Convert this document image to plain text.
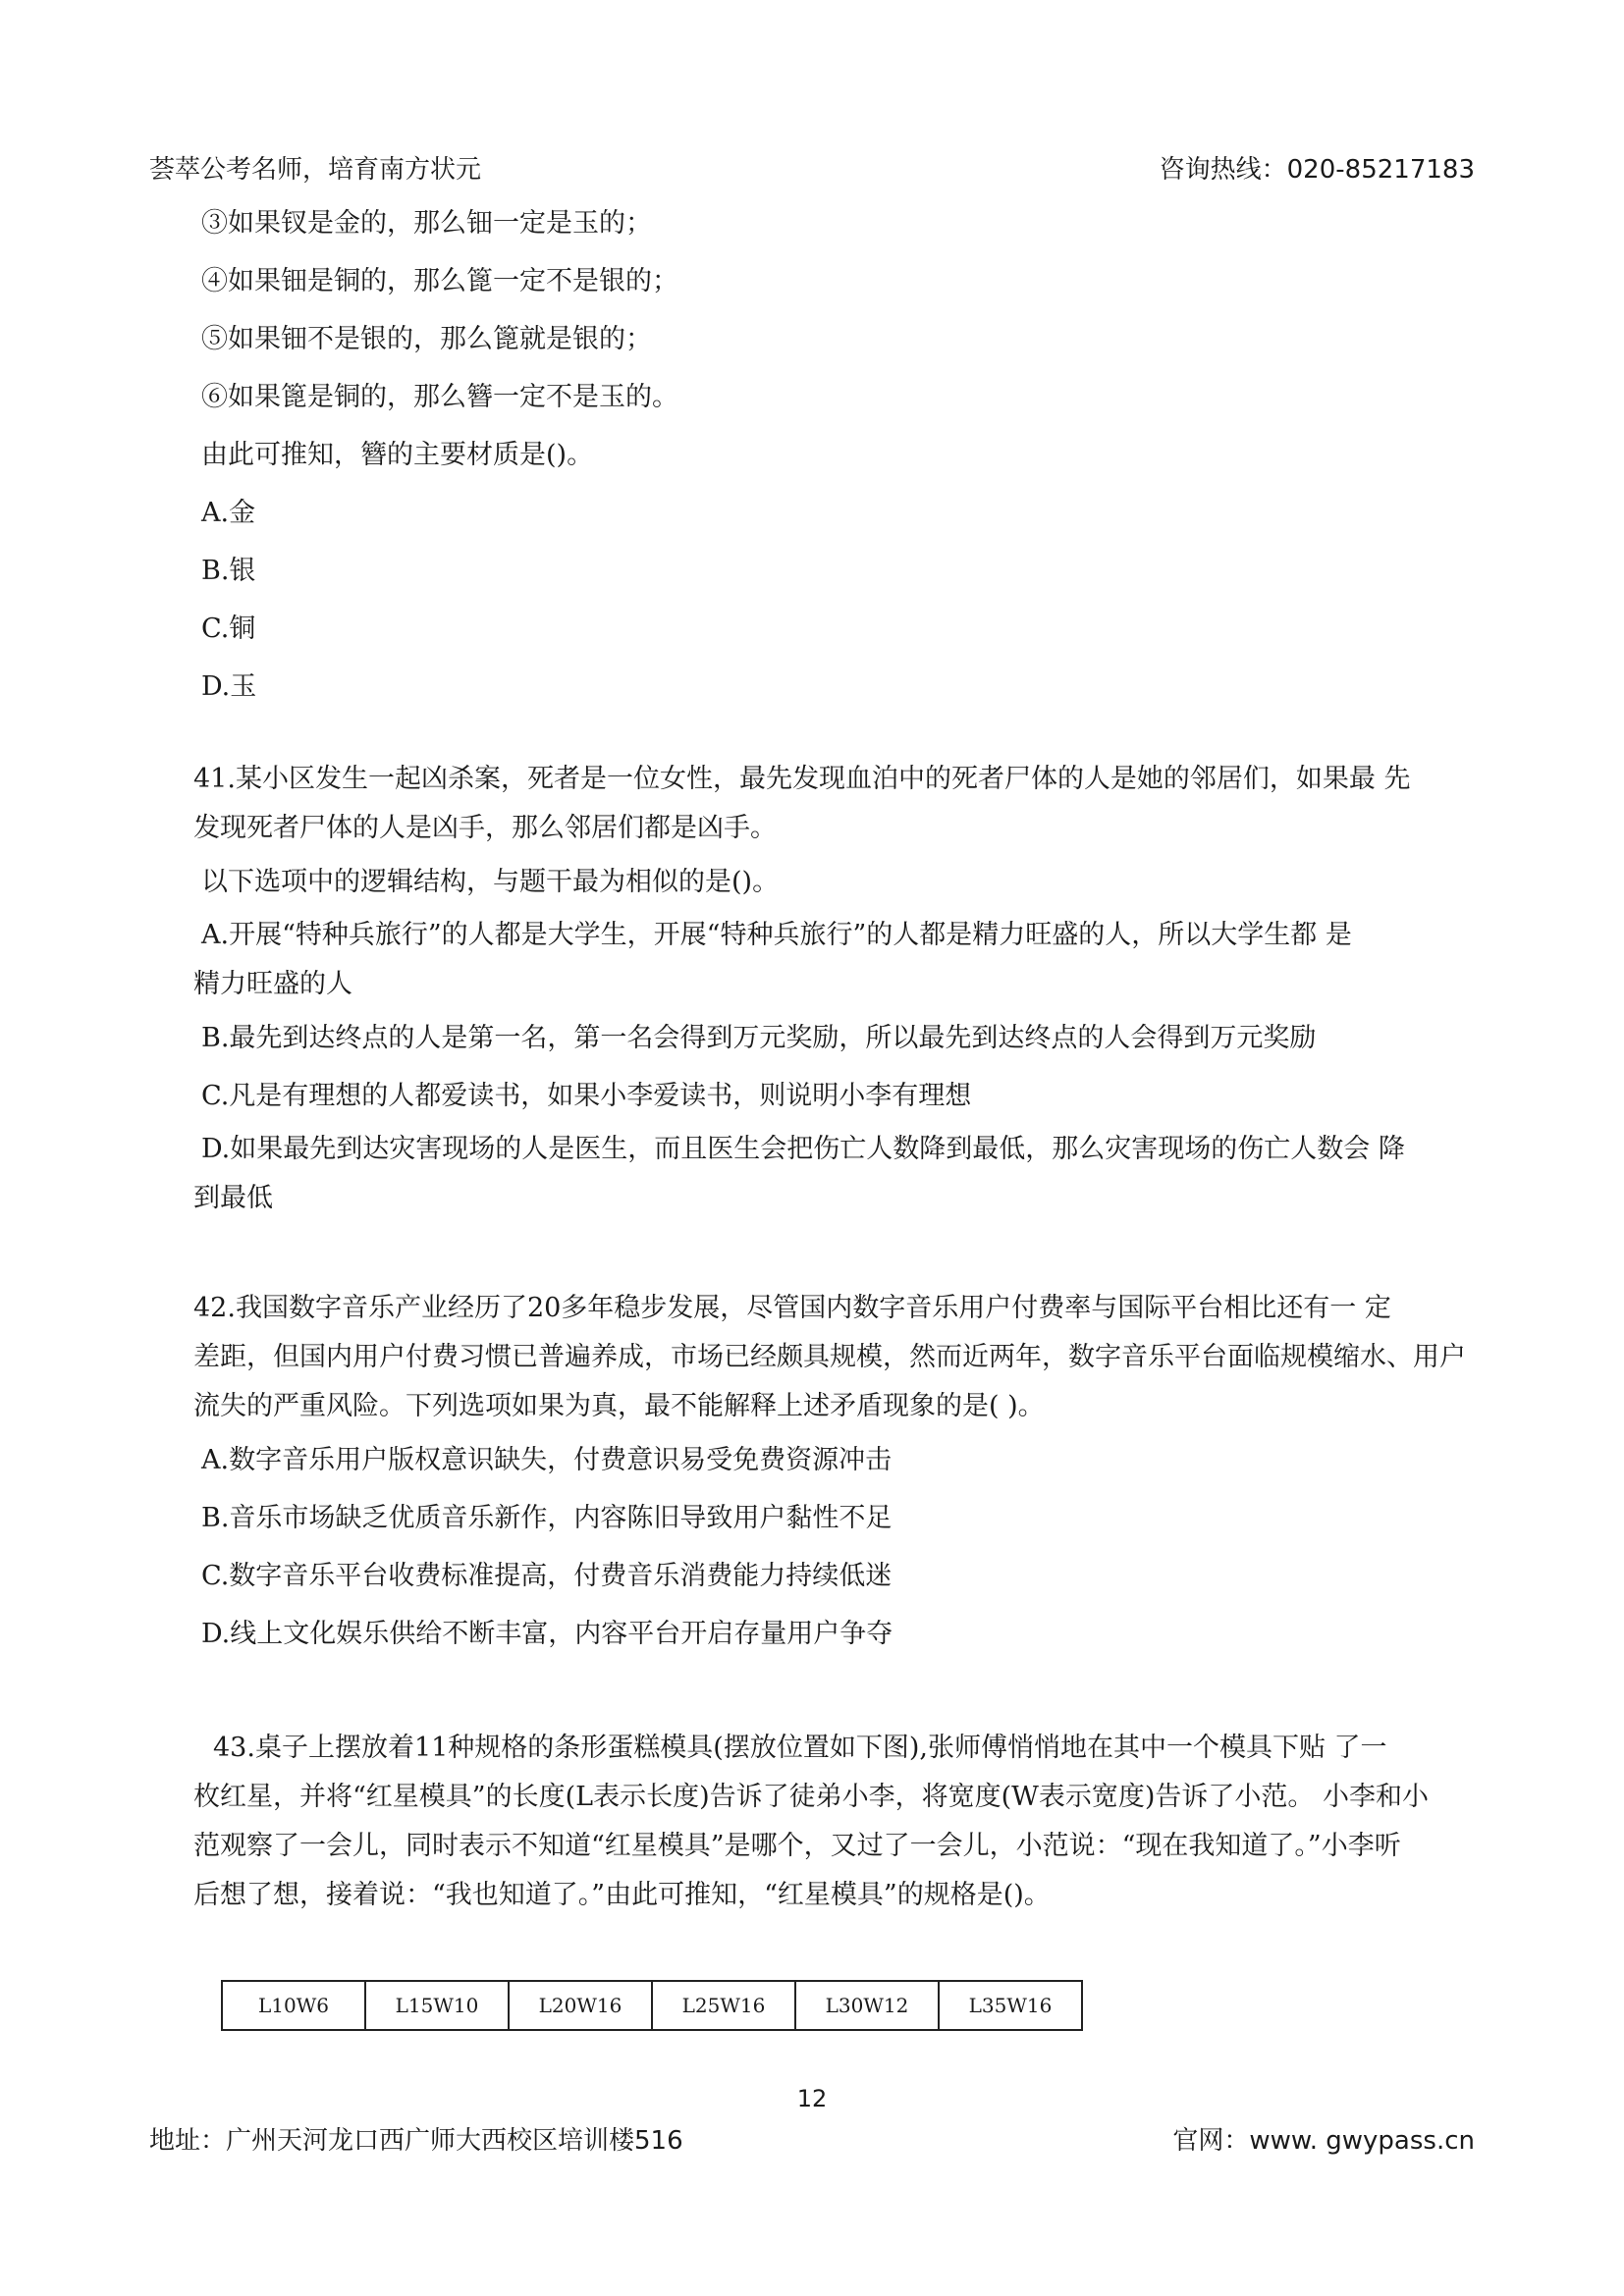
荟萃公考名师，培育南方状元	咨询热线：020-85217183
③如果钗是金的，那么钿一定是玉的；
④如果钿是铜的，那么篦一定不是银的；
⑤如果钿不是银的，那么篦就是银的；
⑥如果篦是铜的，那么簪一定不是玉的。
由此可推知，簪的主要材质是()。
A.金
B.银
C.铜
D.玉
41.某小区发生一起凶杀案，死者是一位女性，最先发现血泊中的死者尸体的人是她的邻居们，如果最 先
发现死者尸体的人是凶手，那么邻居们都是凶手。
以下选项中的逻辑结构，与题干最为相似的是()。
A.开展“特种兵旅行”的人都是大学生，开展“特种兵旅行”的人都是精力旺盛的人，所以大学生都 是
精力旺盛的人
B.最先到达终点的人是第一名，第一名会得到万元奖励，所以最先到达终点的人会得到万元奖励
C.凡是有理想的人都爱读书，如果小李爱读书，则说明小李有理想
D.如果最先到达灾害现场的人是医生，而且医生会把伤亡人数降到最低，那么灾害现场的伤亡人数会 降
到最低
42.我国数字音乐产业经历了20多年稳步发展，尽管国内数字音乐用户付费率与国际平台相比还有一 定
差距，但国内用户付费习惯已普遍养成，市场已经颇具规模，然而近两年，数字音乐平台面临规模缩水、用户
流失的严重风险。下列选项如果为真，最不能解释上述矛盾现象的是( )。
A.数字音乐用户版权意识缺失，付费意识易受免费资源冲击
B.音乐市场缺乏优质音乐新作，内容陈旧导致用户黏性不足
C.数字音乐平台收费标准提高，付费音乐消费能力持续低迷
D.线上文化娱乐供给不断丰富，内容平台开启存量用户争夺
43.桌子上摆放着11种规格的条形蛋糕模具(摆放位置如下图),张师傅悄悄地在其中一个模具下贴 了一
枚红星，并将“红星模具”的长度(L表示长度)告诉了徒弟小李，将宽度(W表示宽度)告诉了小范。 小李和小
范观察了一会儿，同时表示不知道“红星模具”是哪个，又过了一会儿，小范说：“现在我知道了。”小李听
后想了想，接着说：“我也知道了。”由此可推知，“红星模具”的规格是()。
L10W6	L15W10	L20W16	L25W16	L30W12	L35W16
12
地址：广州天河龙口西广师大西校区培训楼516	官网：www. gwypass.cn
